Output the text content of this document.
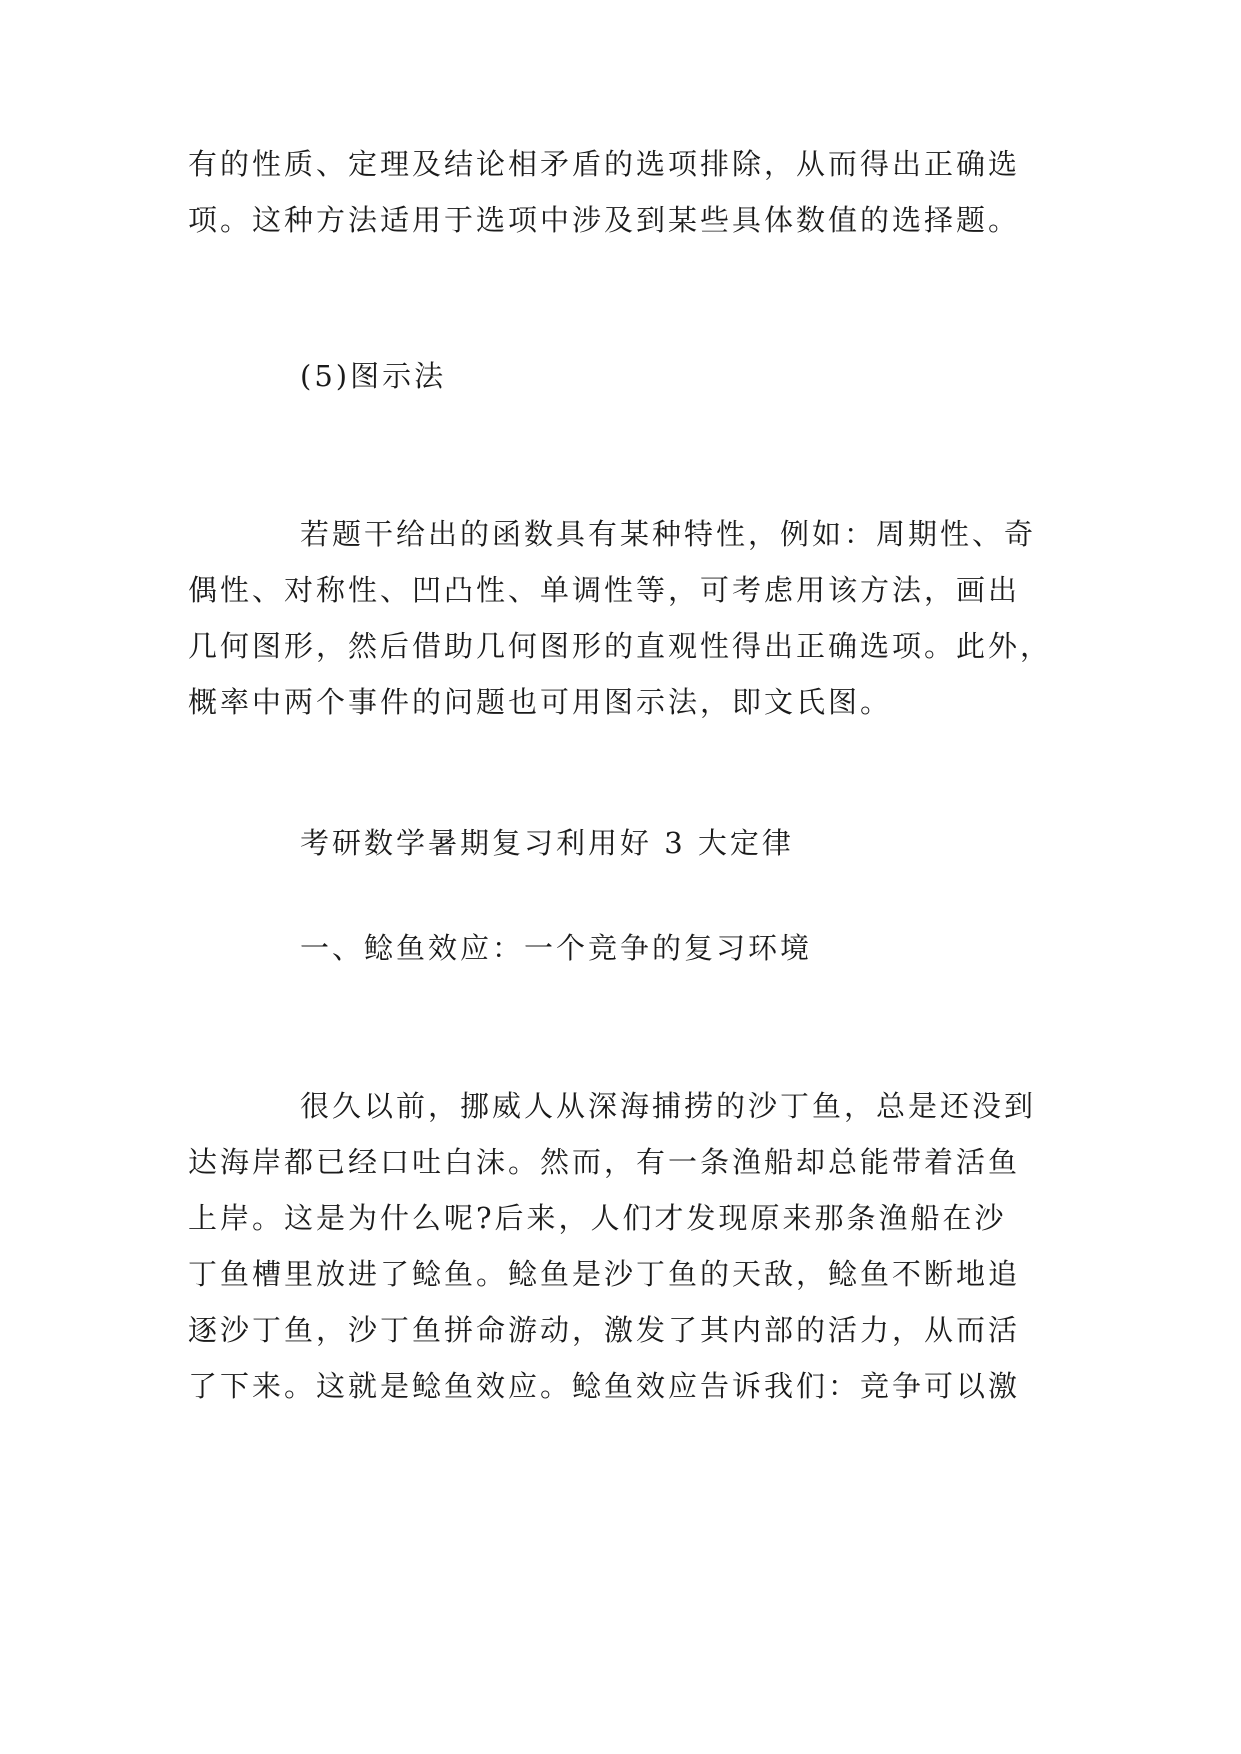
有的性质、定理及结论相矛盾的选项排除，从而得出正确选
项。这种方法适用于选项中涉及到某些具体数值的选择题。

(5)图示法

若题干给出的函数具有某种特性，例如：周期性、奇
偶性、对称性、凹凸性、单调性等，可考虑用该方法，画出
几何图形，然后借助几何图形的直观性得出正确选项。此外，
概率中两个事件的问题也可用图示法，即文氏图。

考研数学暑期复习利用好 3 大定律

一、鲶鱼效应：一个竞争的复习环境

很久以前，挪威人从深海捕捞的沙丁鱼，总是还没到
达海岸都已经口吐白沫。然而，有一条渔船却总能带着活鱼
上岸。这是为什么呢?后来，人们才发现原来那条渔船在沙
丁鱼槽里放进了鲶鱼。鲶鱼是沙丁鱼的天敌，鲶鱼不断地追
逐沙丁鱼，沙丁鱼拼命游动，激发了其内部的活力，从而活
了下来。这就是鲶鱼效应。鲶鱼效应告诉我们：竞争可以激
